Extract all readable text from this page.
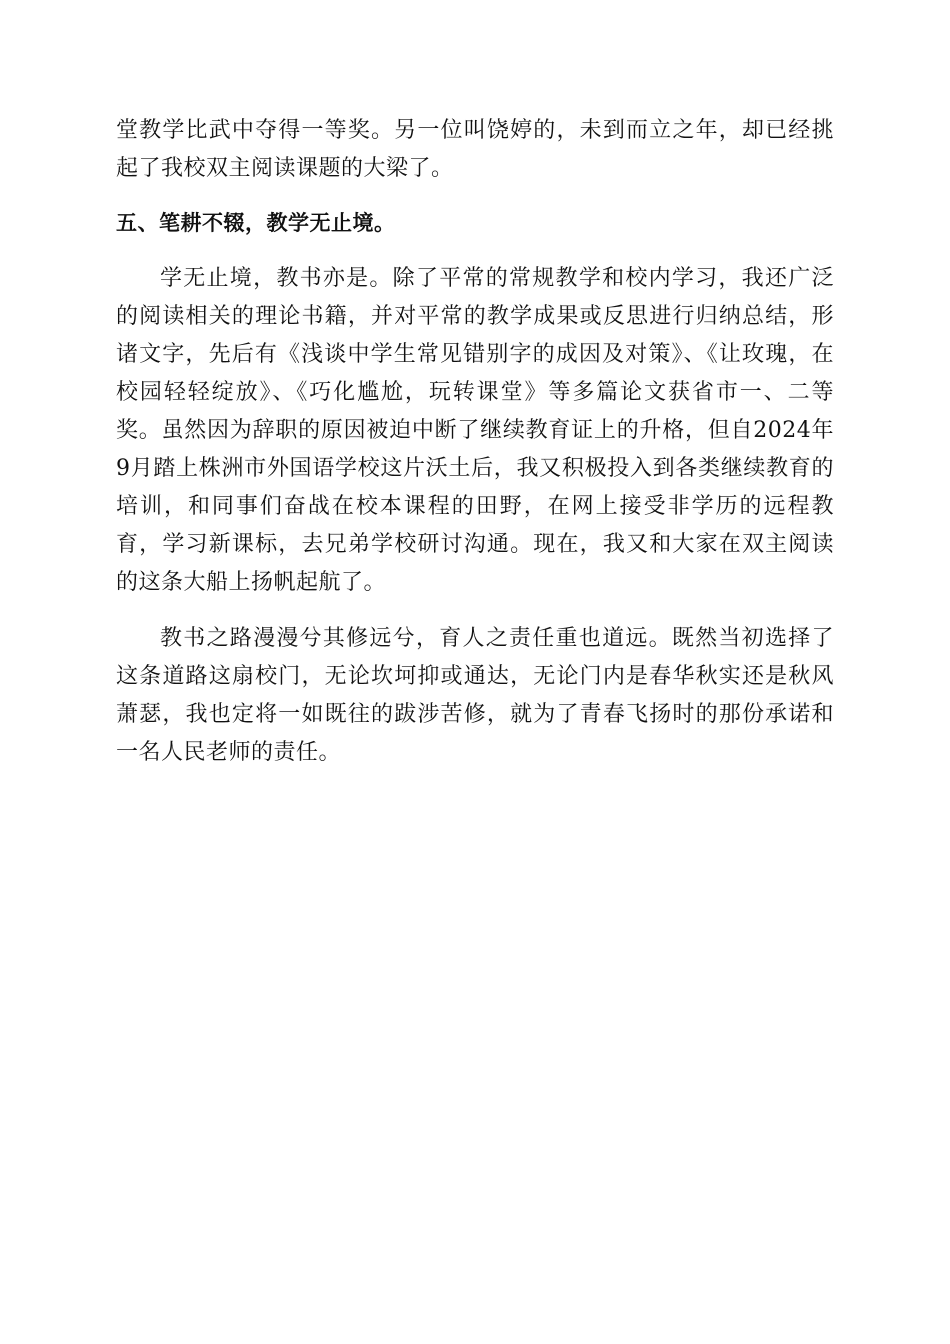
堂教学比武中夺得一等奖。另一位叫饶婷的，未到而立之年，却已经挑起了我校双主阅读课题的大梁了。

五、笔耕不辍，教学无止境。

学无止境，教书亦是。除了平常的常规教学和校内学习，我还广泛的阅读相关的理论书籍，并对平常的教学成果或反思进行归纳总结，形诸文字，先后有《浅谈中学生常见错别字的成因及对策》、《让玫瑰，在校园轻轻绽放》、《巧化尴尬，玩转课堂》等多篇论文获省市一、二等奖。虽然因为辞职的原因被迫中断了继续教育证上的升格，但自2024年9月踏上株洲市外国语学校这片沃土后，我又积极投入到各类继续教育的培训，和同事们奋战在校本课程的田野，在网上接受非学历的远程教育，学习新课标，去兄弟学校研讨沟通。现在，我又和大家在双主阅读的这条大船上扬帆起航了。

教书之路漫漫兮其修远兮，育人之责任重也道远。既然当初选择了这条道路这扇校门，无论坎坷抑或通达，无论门内是春华秋实还是秋风萧瑟，我也定将一如既往的跋涉苦修，就为了青春飞扬时的那份承诺和一名人民老师的责任。
